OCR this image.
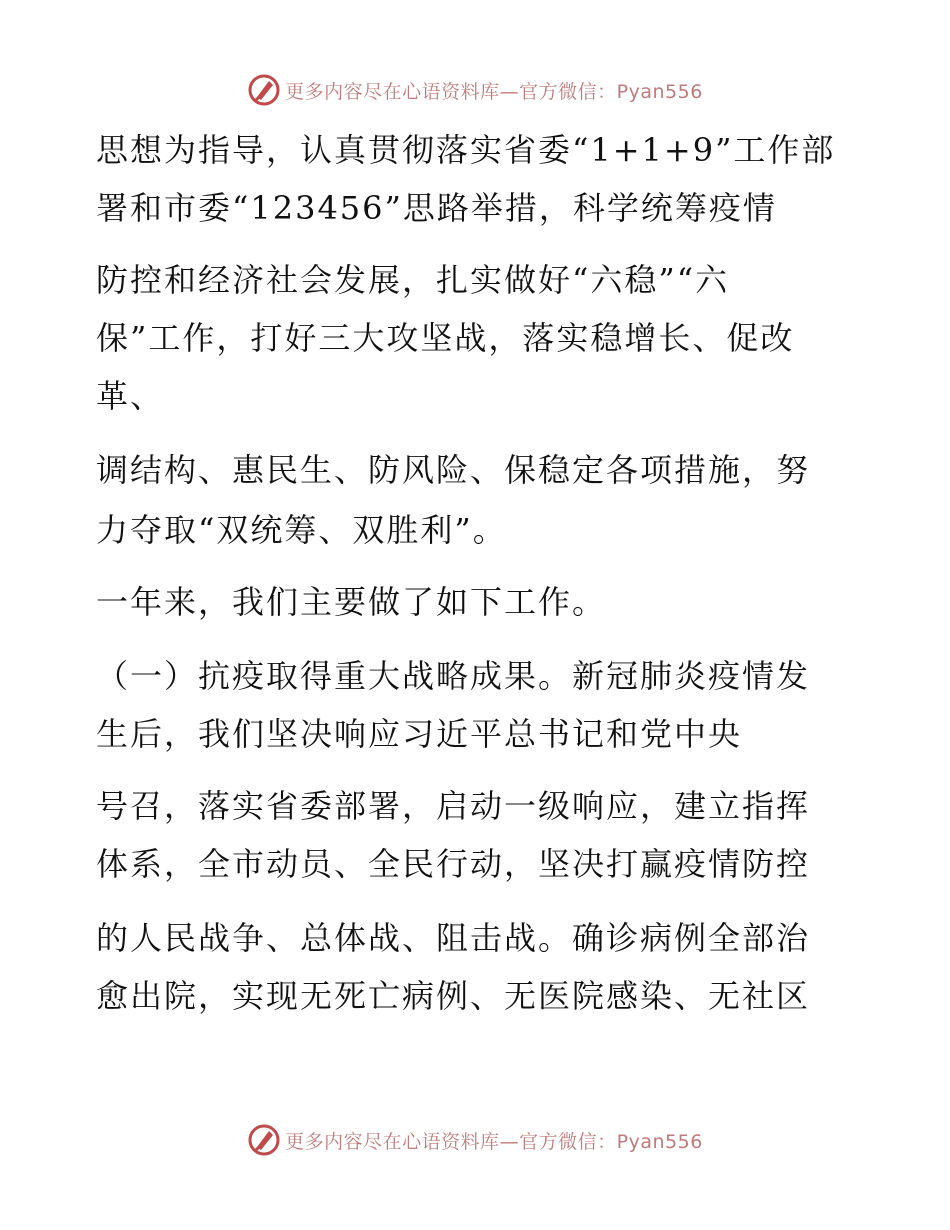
更多内容尽在心语资料库—官方微信：Pyan556
思想为指导，认真贯彻落实省委“1+1+9”工作部
署和市委“123456”思路举措，科学统筹疫情
防控和经济社会发展，扎实做好“六稳”“六
保”工作，打好三大攻坚战，落实稳增长、促改
革、
调结构、惠民生、防风险、保稳定各项措施，努
力夺取“双统筹、双胜利”。
一年来，我们主要做了如下工作。
（一）抗疫取得重大战略成果。新冠肺炎疫情发
生后，我们坚决响应习近平总书记和党中央
号召，落实省委部署，启动一级响应，建立指挥
体系，全市动员、全民行动，坚决打赢疫情防控
的人民战争、总体战、阻击战。确诊病例全部治
愈出院，实现无死亡病例、无医院感染、无社区
更多内容尽在心语资料库—官方微信：Pyan556
